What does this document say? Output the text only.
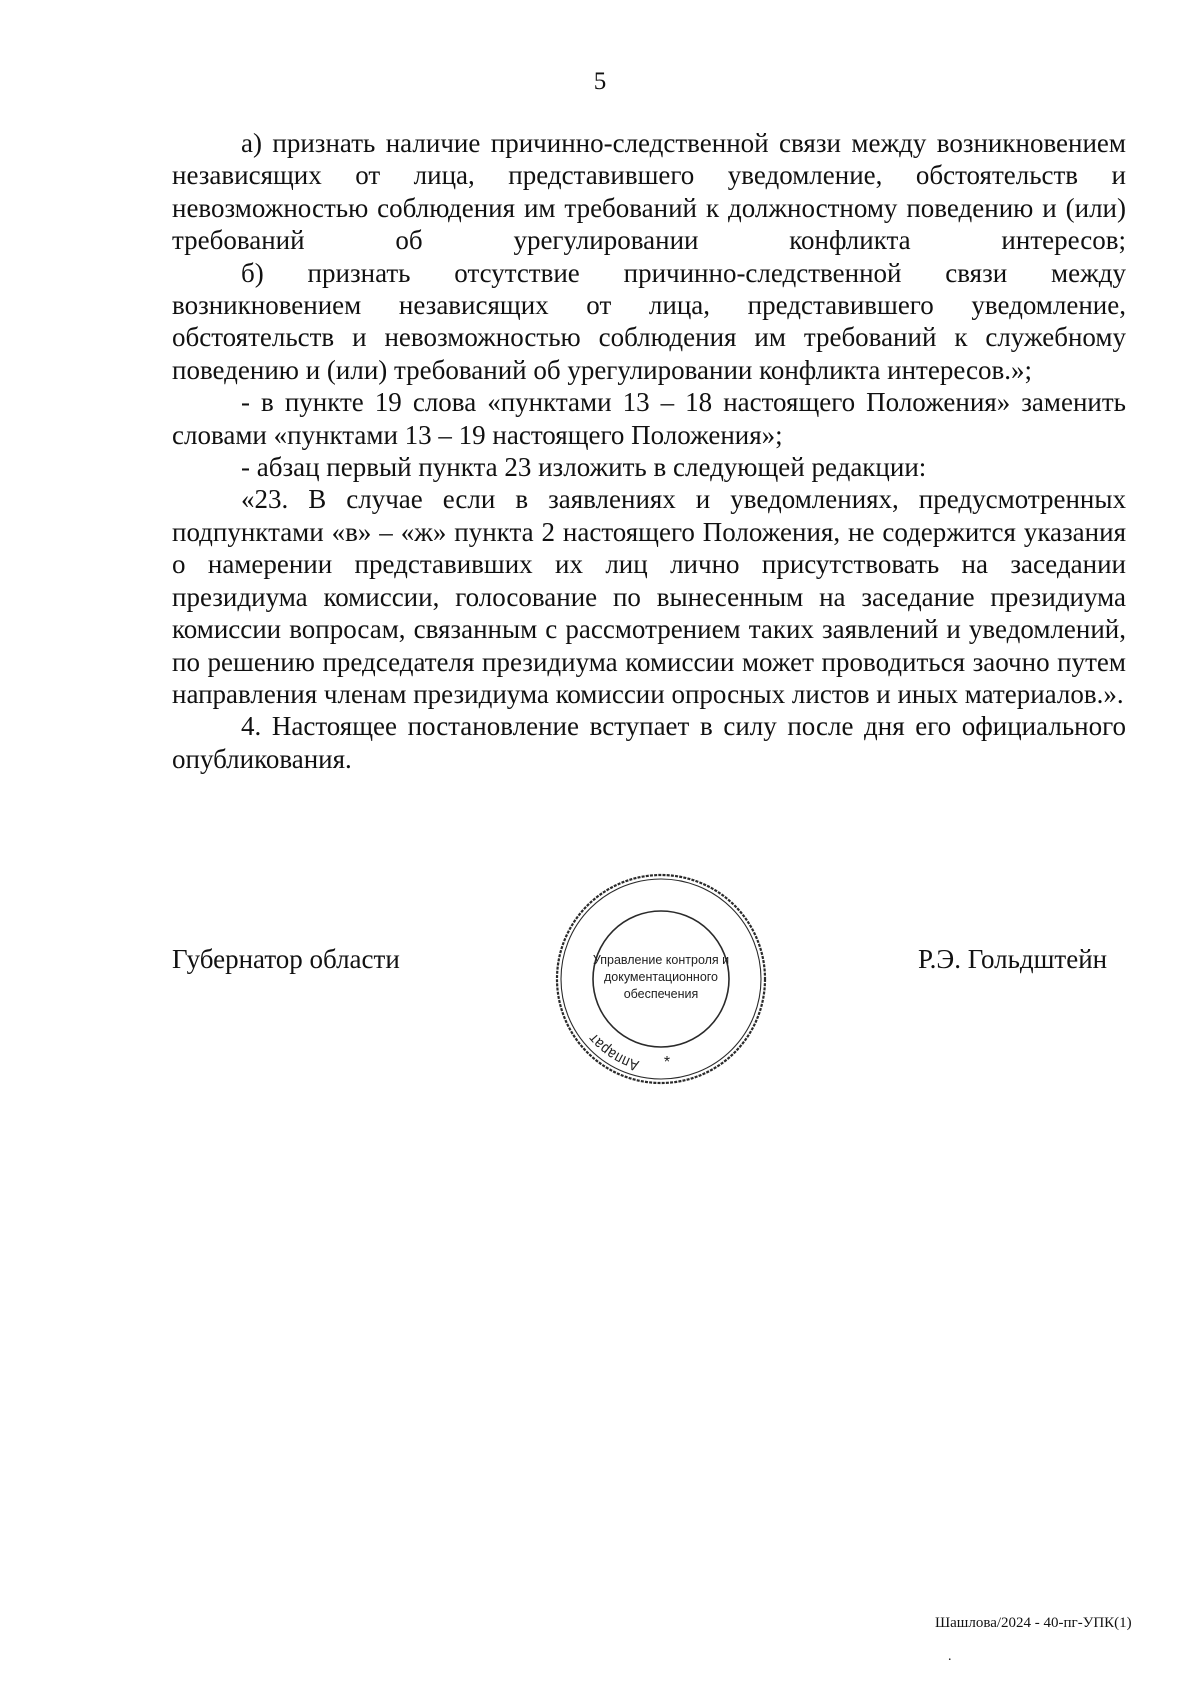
5

а) признать наличие причинно-следственной связи между возникновением независящих от лица, представившего уведомление, обстоятельств и невозможностью соблюдения им требований к должностному поведению и (или) требований об урегулировании конфликта интересов;

б) признать отсутствие причинно-следственной связи между возникновением независящих от лица, представившего уведомление, обстоятельств и невозможностью соблюдения им требований к служебному поведению и (или) требований об урегулировании конфликта интересов.»;

- в пункте 19 слова «пунктами 13 – 18 настоящего Положения» заменить словами «пунктами 13 – 19 настоящего Положения»;

- абзац первый пункта 23 изложить в следующей редакции:

«23. В случае если в заявлениях и уведомлениях, предусмотренных подпунктами «в» – «ж» пункта 2 настоящего Положения, не содержится указания о намерении представивших их лиц лично присутствовать на заседании президиума комиссии, голосование по вынесенным на заседание президиума комиссии вопросам, связанным с рассмотрением таких заявлений и уведомлений, по решению председателя президиума комиссии может проводиться заочно путем направления членам президиума комиссии опросных листов и иных материалов.».

4. Настоящее постановление вступает в силу после дня его официального опубликования.

Губернатор области
Аппарат
Управление контроля и
документационного
обеспечения
*
Р.Э. Гольдштейн
Шашлова/2024 - 40-пг-УПК(1)
.
